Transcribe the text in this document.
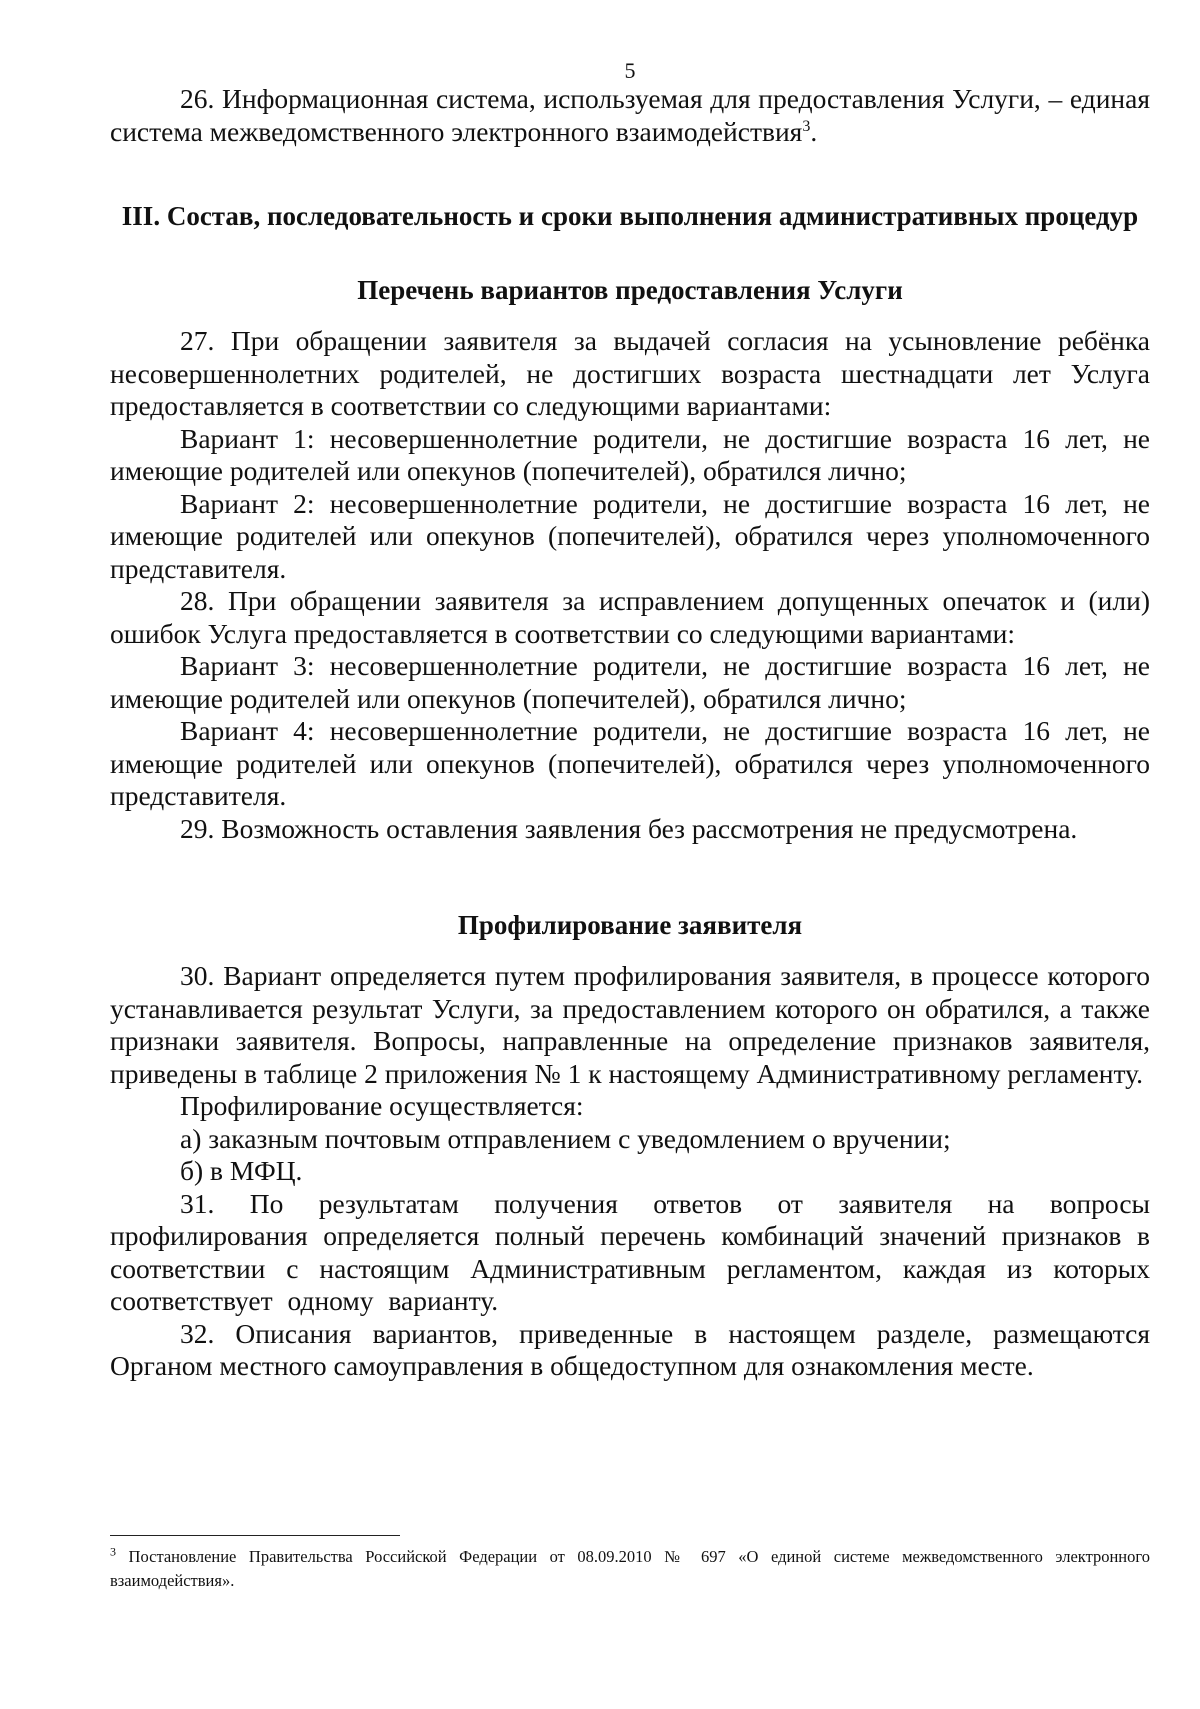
5

26. Информационная система, используемая для предоставления Услуги, – единая система межведомственного электронного взаимодействия$^3$.

III. Состав, последовательность и сроки выполнения административных процедур
Перечень вариантов предоставления Услуги

27. При обращении заявителя за выдачей согласия на усыновление ребёнка несовершеннолетних родителей, не достигших возраста шестнадцати лет Услуга предоставляется в соответствии со следующими вариантами:

Вариант 1: несовершеннолетние родители, не достигшие возраста 16 лет, не имеющие родителей или опекунов (попечителей), обратился лично;

Вариант 2: несовершеннолетние родители, не достигшие возраста 16 лет, не имеющие родителей или опекунов (попечителей), обратился через уполномоченного представителя.

28. При обращении заявителя за исправлением допущенных опечаток и (или) ошибок Услуга предоставляется в соответствии со следующими вариантами:

Вариант 3: несовершеннолетние родители, не достигшие возраста 16 лет, не имеющие родителей или опекунов (попечителей), обратился лично;

Вариант 4: несовершеннолетние родители, не достигшие возраста 16 лет, не имеющие родителей или опекунов (попечителей), обратился через уполномоченного представителя.

29. Возможность оставления заявления без рассмотрения не предусмотрена.

Профилирование заявителя

30. Вариант определяется путем профилирования заявителя, в процессе которого устанавливается результат Услуги, за предоставлением которого он обратился, а также признаки заявителя. Вопросы, направленные на определение признаков заявителя, приведены в таблице 2 приложения № 1 к настоящему Административному регламенту.

Профилирование осуществляется:

а) заказным почтовым отправлением с уведомлением о вручении;

б) в МФЦ.

31. По результатам получения ответов от заявителя на вопросы профилирования определяется полный перечень комбинаций значений признаков в соответствии с настоящим Административным регламентом, каждая из которых соответствует одному варианту.

32. Описания вариантов, приведенные в настоящем разделе, размещаются Органом местного самоуправления в общедоступном для ознакомления месте.

$^3$ Постановление Правительства Российской Федерации от 08.09.2010 № 697 «О единой системе межведомственного электронного взаимодействия».
